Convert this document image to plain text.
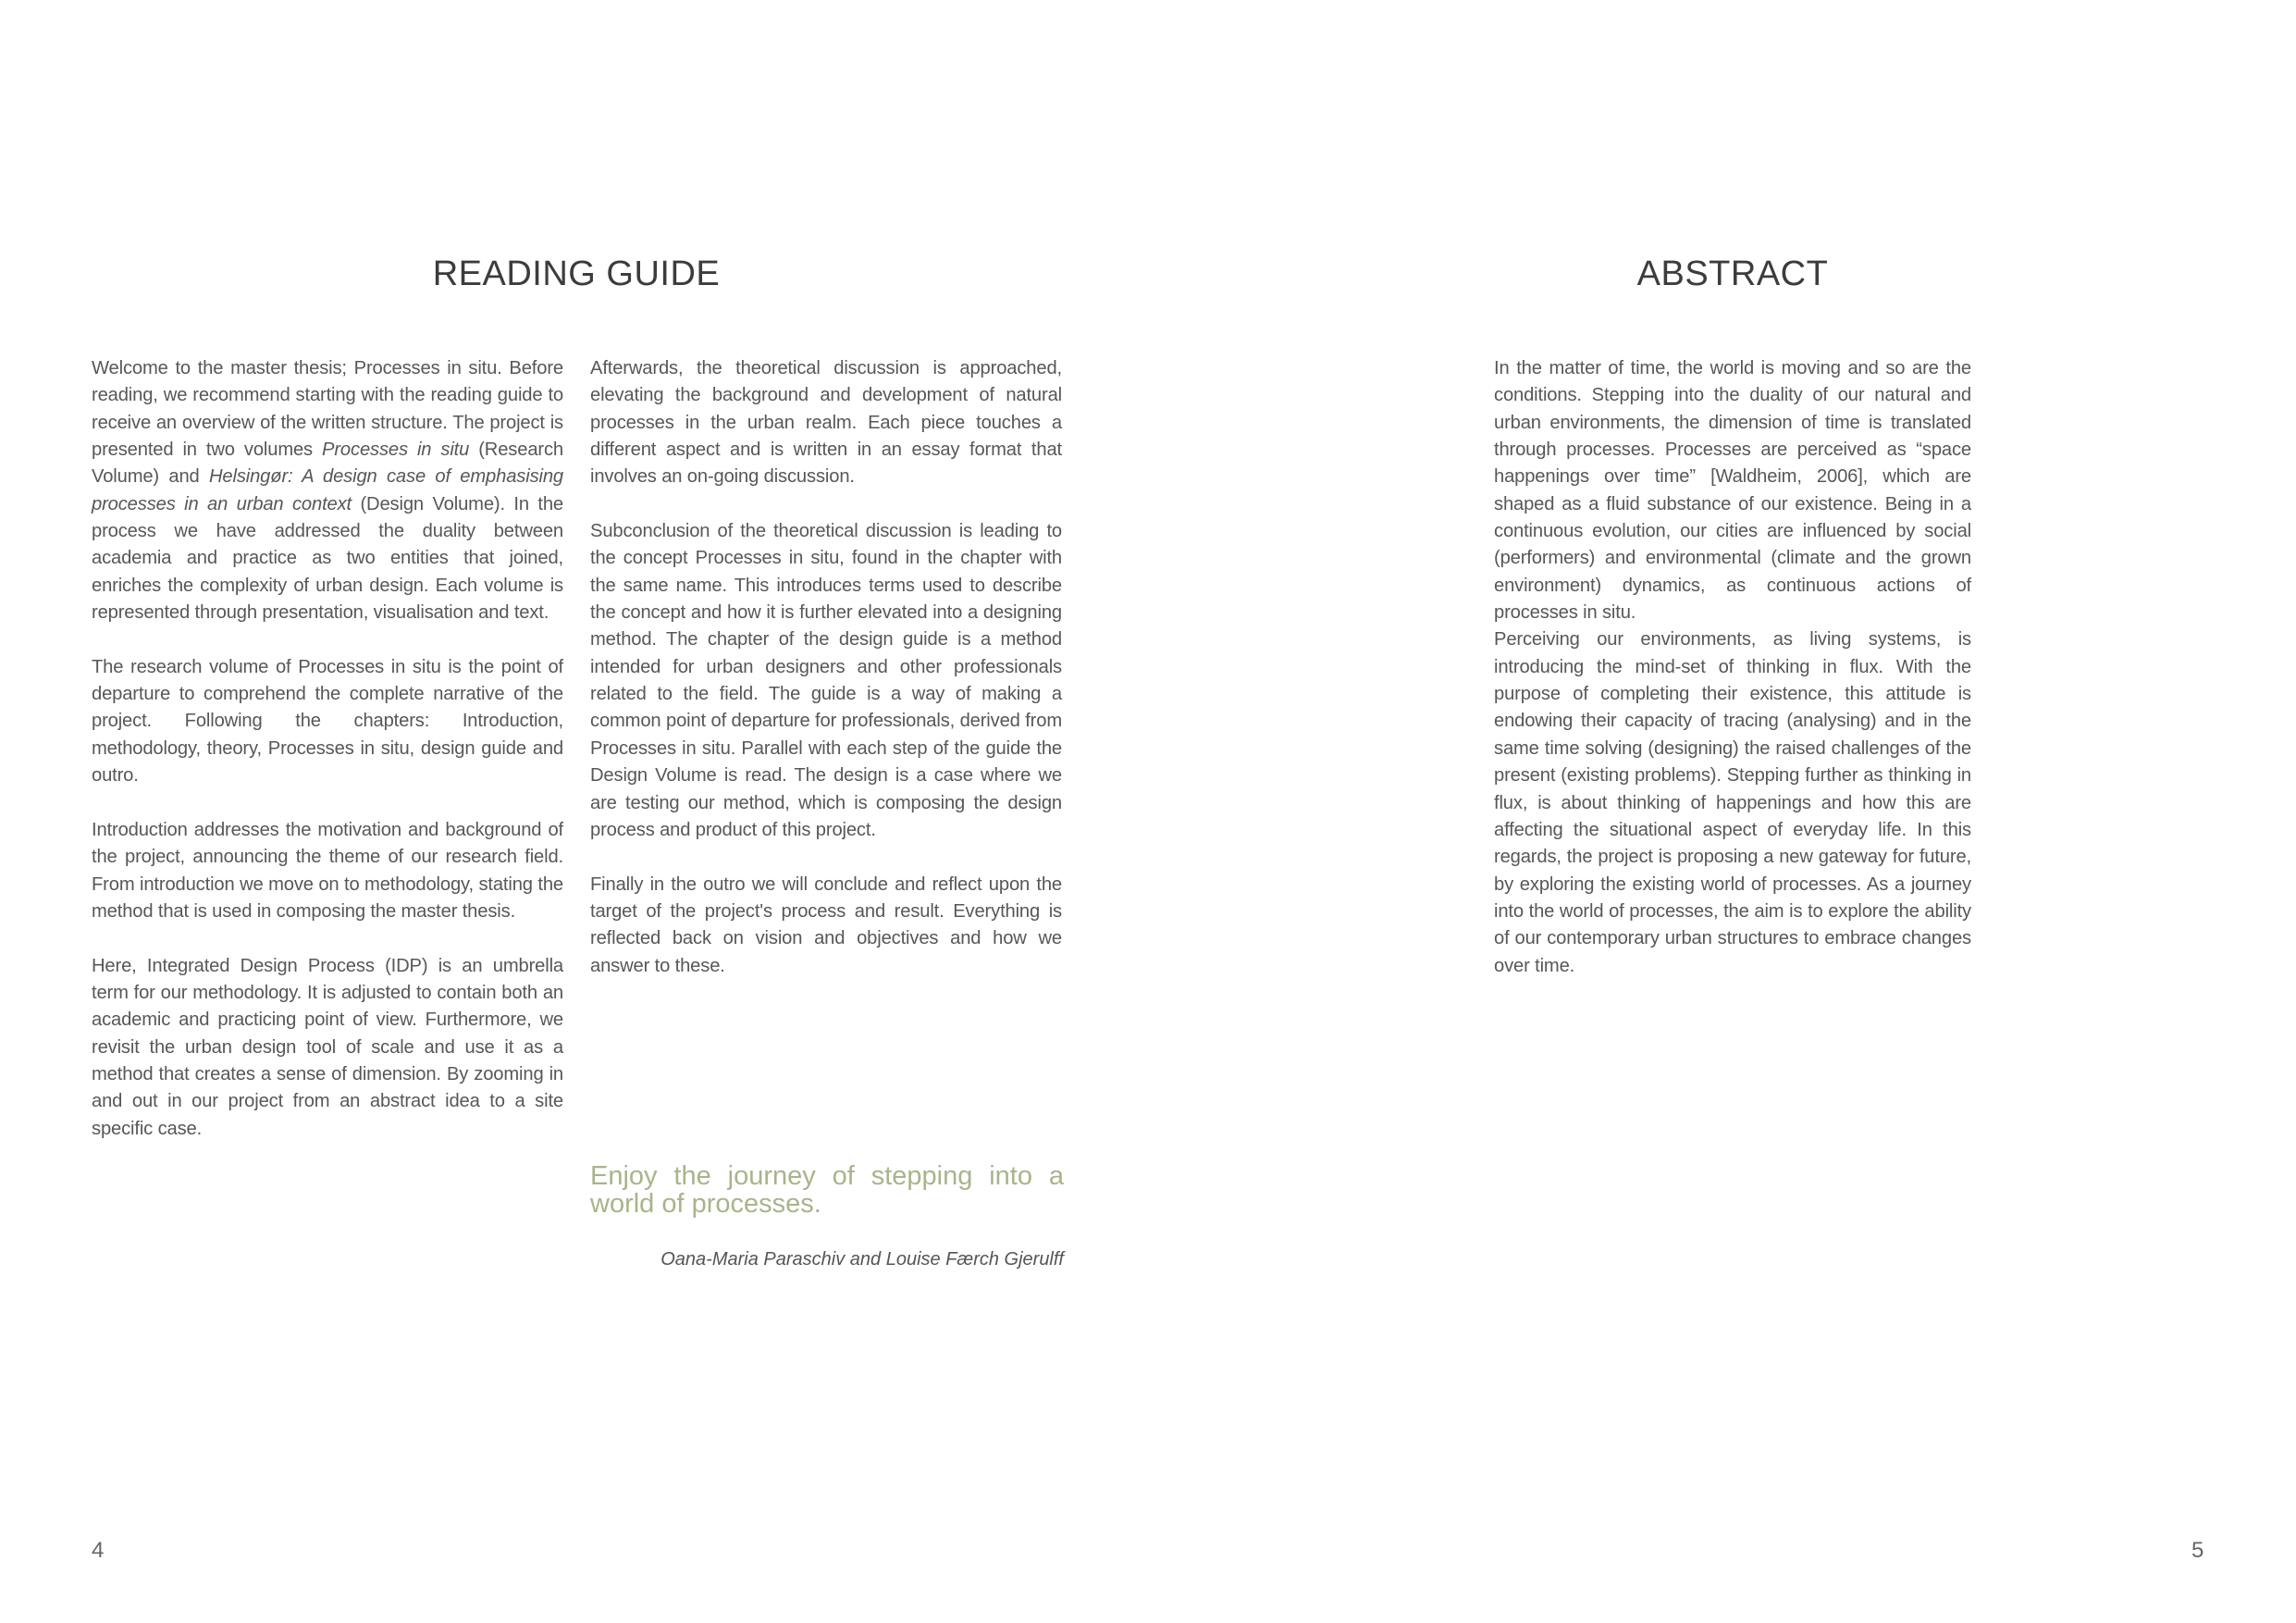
READING GUIDE

Welcome to the master thesis; Processes in situ. Before reading, we recommend starting with the reading guide to receive an overview of the written structure. The project is presented in two volumes Processes in situ (Research Volume) and Helsingør: A design case of emphasising processes in an urban context (Design Volume). In the process we have addressed the duality between academia and practice as two entities that joined, enriches the complexity of urban design. Each volume is represented through presentation, visualisation and text.

The research volume of Processes in situ is the point of departure to comprehend the complete narrative of the project. Following the chapters: Introduction, methodology, theory, Processes in situ, design guide and outro.

Introduction addresses the motivation and background of the project, announcing the theme of our research field. From introduction we move on to methodology, stating the method that is used in composing the master thesis.

Here, Integrated Design Process (IDP) is an umbrella term for our methodology. It is adjusted to contain both an academic and practicing point of view. Furthermore, we revisit the urban design tool of scale and use it as a method that creates a sense of dimension. By zooming in and out in our project from an abstract idea to a site specific case.

Afterwards, the theoretical discussion is approached, elevating the background and development of natural processes in the urban realm. Each piece touches a different aspect and is written in an essay format that involves an on-going discussion.

Subconclusion of the theoretical discussion is leading to the concept Processes in situ, found in the chapter with the same name. This introduces terms used to describe the concept and how it is further elevated into a designing method. The chapter of the design guide is a method intended for urban designers and other professionals related to the field. The guide is a way of making a common point of departure for professionals, derived from Processes in situ. Parallel with each step of the guide the Design Volume is read. The design is a case where we are testing our method, which is composing the design process and product of this project.

Finally in the outro we will conclude and reflect upon the target of the project's process and result. Everything is reflected back on vision and objectives and how we answer to these.

Enjoy the journey of stepping into a world of processes.

Oana-Maria Paraschiv and Louise Færch Gjerulff

4

ABSTRACT

In the matter of time, the world is moving and so are the conditions. Stepping into the duality of our natural and urban environments, the dimension of time is translated through processes. Processes are perceived as “space happenings over time” [Waldheim, 2006], which are shaped as a fluid substance of our existence. Being in a continuous evolution, our cities are influenced by social (performers) and environmental (climate and the grown environment) dynamics, as continuous actions of processes in situ.

Perceiving our environments, as living systems, is introducing the mind-set of thinking in flux. With the purpose of completing their existence, this attitude is endowing their capacity of tracing (analysing) and in the same time solving (designing) the raised challenges of the present (existing problems). Stepping further as thinking in flux, is about thinking of happenings and how this are affecting the situational aspect of everyday life. In this regards, the project is proposing a new gateway for future, by exploring the existing world of processes. As a journey into the world of processes, the aim is to explore the ability of our contemporary urban structures to embrace changes over time.

5
